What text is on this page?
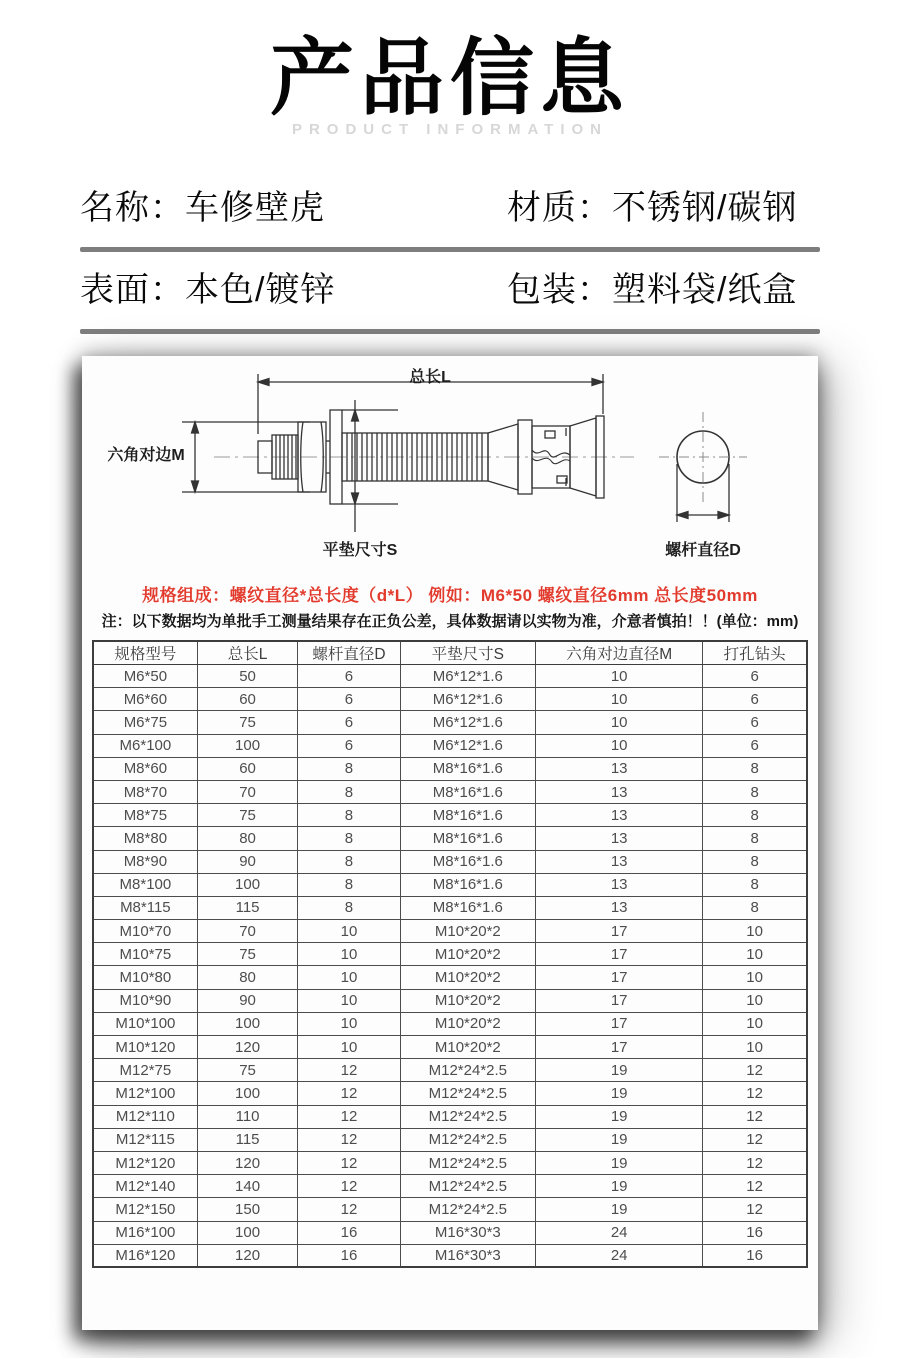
产品信息
PRODUCT INFORMATION
名称：车修壁虎	材质：不锈钢/碳钢
表面：本色/镀锌	包装：塑料袋/纸盒
总长L
六角对边M
平垫尺寸S	螺杆直径D
规格组成：螺纹直径*总长度（d*L） 例如：M6*50 螺纹直径6mm 总长度50mm
注：以下数据均为单批手工测量结果存在正负公差，具体数据请以实物为准，介意者慎拍！！(单位：mm)
规格型号	总长L	螺杆直径D	平垫尺寸S	六角对边直径M	打孔钻头
M6*50	50	6	M6*12*1.6	10	6
M6*60	60	6	M6*12*1.6	10	6
M6*75	75	6	M6*12*1.6	10	6
M6*100	100	6	M6*12*1.6	10	6
M8*60	60	8	M8*16*1.6	13	8
M8*70	70	8	M8*16*1.6	13	8
M8*75	75	8	M8*16*1.6	13	8
M8*80	80	8	M8*16*1.6	13	8
M8*90	90	8	M8*16*1.6	13	8
M8*100	100	8	M8*16*1.6	13	8
M8*115	115	8	M8*16*1.6	13	8
M10*70	70	10	M10*20*2	17	10
M10*75	75	10	M10*20*2	17	10
M10*80	80	10	M10*20*2	17	10
M10*90	90	10	M10*20*2	17	10
M10*100	100	10	M10*20*2	17	10
M10*120	120	10	M10*20*2	17	10
M12*75	75	12	M12*24*2.5	19	12
M12*100	100	12	M12*24*2.5	19	12
M12*110	110	12	M12*24*2.5	19	12
M12*115	115	12	M12*24*2.5	19	12
M12*120	120	12	M12*24*2.5	19	12
M12*140	140	12	M12*24*2.5	19	12
M12*150	150	12	M12*24*2.5	19	12
M16*100	100	16	M16*30*3	24	16
M16*120	120	16	M16*30*3	24	16
